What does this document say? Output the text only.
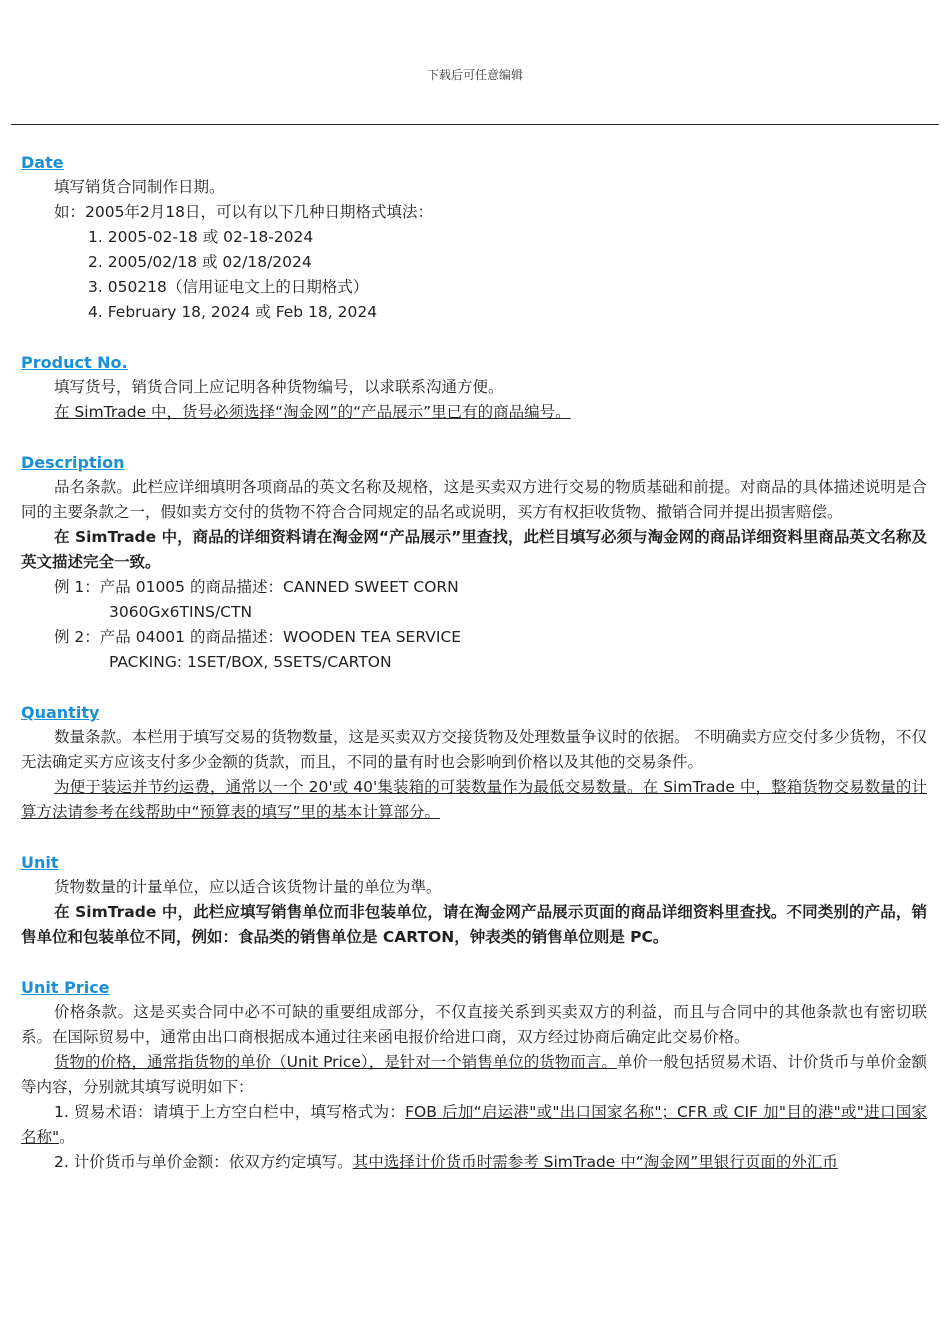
下载后可任意编辑

Date

填写销货合同制作日期。

如：2005年2月18日，可以有以下几种日期格式填法：

1. 2005-02-18 或 02-18-2024

2. 2005/02/18 或 02/18/2024

3. 050218（信用证电文上的日期格式）

4. February 18, 2024 或 Feb 18, 2024

Product No.

填写货号，销货合同上应记明各种货物编号，以求联系沟通方便。

在 SimTrade 中，货号必须选择“淘金网”的“产品展示”里已有的商品编号。

Description

品名条款。此栏应详细填明各项商品的英文名称及规格，这是买卖双方进行交易的物质基础和前提。对商品的具体描述说明是合同的主要条款之一，假如卖方交付的货物不符合合同规定的品名或说明，买方有权拒收货物、撤销合同并提出损害赔偿。

在 SimTrade 中，商品的详细资料请在淘金网“产品展示”里查找，此栏目填写必须与淘金网的商品详细资料里商品英文名称及英文描述完全一致。

例 1：产品 01005 的商品描述：CANNED SWEET CORN

3060Gx6TINS/CTN

例 2：产品 04001 的商品描述：WOODEN TEA SERVICE

PACKING: 1SET/BOX, 5SETS/CARTON

Quantity

数量条款。本栏用于填写交易的货物数量，这是买卖双方交接货物及处理数量争议时的依据。 不明确卖方应交付多少货物，不仅无法确定买方应该支付多少金额的货款，而且，不同的量有时也会影响到价格以及其他的交易条件。

为便于装运并节约运费，通常以一个 20'或 40'集装箱的可装数量作为最低交易数量。在 SimTrade 中，整箱货物交易数量的计算方法请参考在线帮助中“预算表的填写”里的基本计算部分。

Unit

货物数量的计量单位，应以适合该货物计量的单位为準。

在 SimTrade 中，此栏应填写销售单位而非包装单位，请在淘金网产品展示页面的商品详细资料里查找。不同类别的产品，销售单位和包装单位不同，例如：食品类的销售单位是 CARTON，钟表类的销售单位则是 PC。

Unit Price

价格条款。这是买卖合同中必不可缺的重要组成部分，不仅直接关系到买卖双方的利益，而且与合同中的其他条款也有密切联系。在国际贸易中，通常由出口商根据成本通过往来函电报价给进口商，双方经过协商后确定此交易价格。

货物的价格，通常指货物的单价（Unit Price），是针对一个销售单位的货物而言。单价一般包括贸易术语、计价货币与单价金额等内容，分别就其填写说明如下：

1. 贸易术语：请填于上方空白栏中，填写格式为：FOB 后加“启运港"或"出口国家名称"；CFR 或 CIF 加"目的港"或"进口国家名称"。

2. 计价货币与单价金额：依双方约定填写。其中选择计价货币时需参考 SimTrade 中“淘金网”里银行页面的外汇币
